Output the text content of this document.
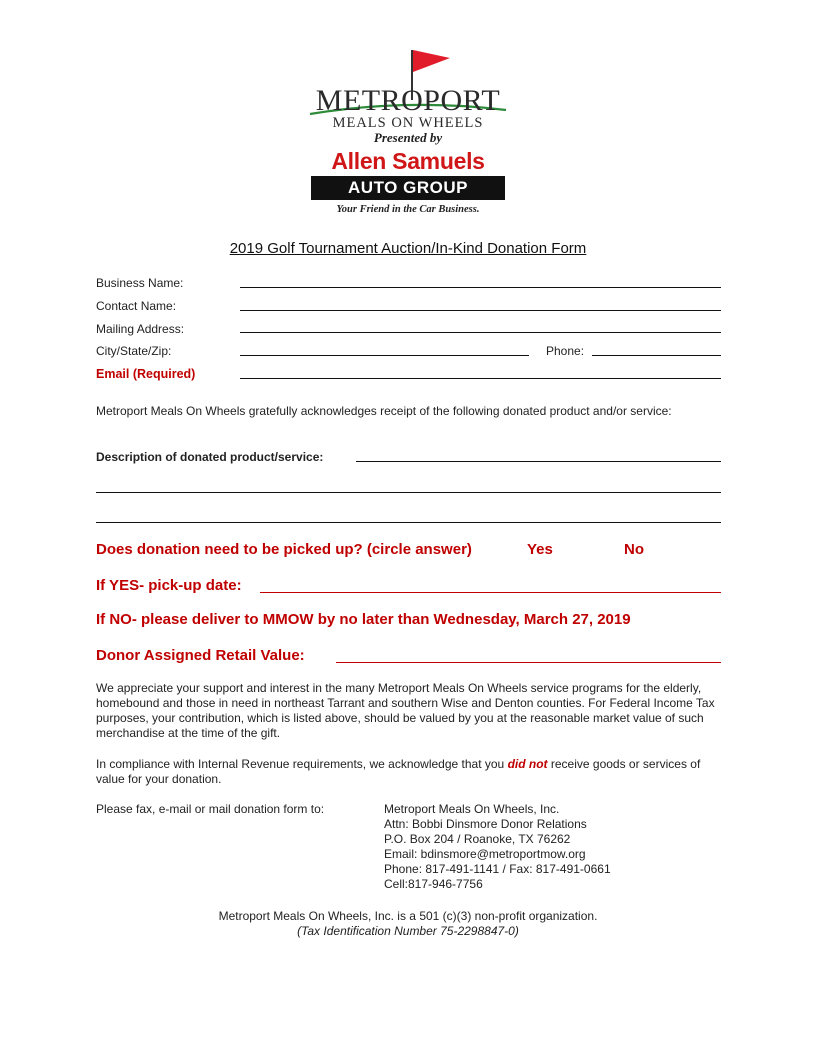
METROPORT
MEALS ON WHEELS
Presented by
Allen Samuels
AUTO GROUP
Your Friend in the Car Business.
2019 Golf Tournament Auction/In-Kind Donation Form
Business Name:
Contact Name:
Mailing Address:
City/State/Zip:	Phone:
Email (Required)
Metroport Meals On Wheels gratefully acknowledges receipt of the following donated product and/or service:
Description of donated product/service:
Does donation need to be picked up? (circle answer)	Yes	No
If YES- pick-up date:
If NO- please deliver to MMOW by no later than Wednesday, March 27, 2019
Donor Assigned Retail Value:
We appreciate your support and interest in the many Metroport Meals On Wheels service programs for the elderly, homebound and those in need in northeast Tarrant and southern Wise and Denton counties. For Federal Income Tax purposes, your contribution, which is listed above, should be valued by you at the reasonable market value of such merchandise at the time of the gift.
In compliance with Internal Revenue requirements, we acknowledge that you did not receive goods or services of value for your donation.
Please fax, e-mail or mail donation form to:	Metroport Meals On Wheels, Inc.
Attn: Bobbi Dinsmore Donor Relations
P.O. Box 204 / Roanoke, TX 76262
Email: bdinsmore@metroportmow.org
Phone: 817-491-1141 / Fax: 817-491-0661
Cell:817-946-7756
Metroport Meals On Wheels, Inc. is a 501 (c)(3) non-profit organization.
(Tax Identification Number 75-2298847-0)
